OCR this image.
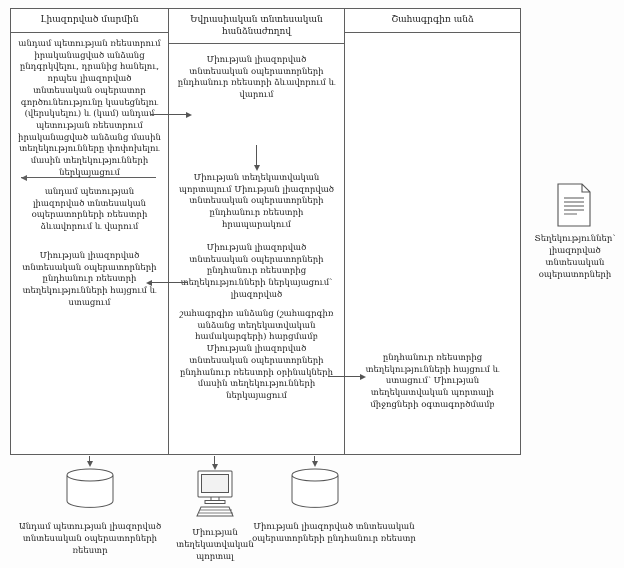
Լիազորված մարմին

անդամ պետության ռեեստրում իրականացված անձանց ընդգրկվելու, դրանից հանելու, որպես լիազորված տնտեսական օպերատոր գործունեությունը կասեցնելու (վերսկսելու) և (կամ) անդամ պետության ռեեստրում իրականացված անձանց մասին տեղեկությունները փոփոխելու մասին տեղեկությունների ներկայացում

անդամ պետության լիազորված տնտեսական օպերատորների ռեեստրի ձևավորում և վարում

Միության լիազորված տնտեսական օպերատորների ընդհանուր ռեեստրի տեղեկությունների հայցում և ստացում

Եվրասիական տնտեսական հանձնաժողով

Միության լիազորված տնտեսական օպերատորների ընդհանուր ռեեստրի ձևավորում և վարում

Միության տեղեկատվական պորտալում Միության լիազորված տնտեսական օպերատորների ընդհանուր ռեեստրի հրապարակում

Միության լիազորված տնտեսական օպերատորների ընդհանուր ռեեստրից տեղեկությունների ներկայացում՝ լիազորված

շահագրգիռ անձանց (շահագրգիռ անձանց տեղեկատվական համակարգերի) հարցմամբ Միության լիազորված տնտեսական օպերատորների ընդհանուր ռեեստրի օրինակների մասին տեղեկությունների ներկայացում

Շահագրգիռ անձ

ընդհանուր ռեեստրից տեղեկությունների հայցում և ստացում՝ Միության տեղեկատվական պորտալի միջոցների օգտագործմամբ

Անդամ պետության լիազորված տնտեսական օպերատորների ռեեստր

Միության տեղեկատվական պորտալ

Միության լիազորված տնտեսական օպերատորների ընդհանուր ռեեստր

Տեղեկություններ՝ լիազորված տնտեսական օպերատորների
